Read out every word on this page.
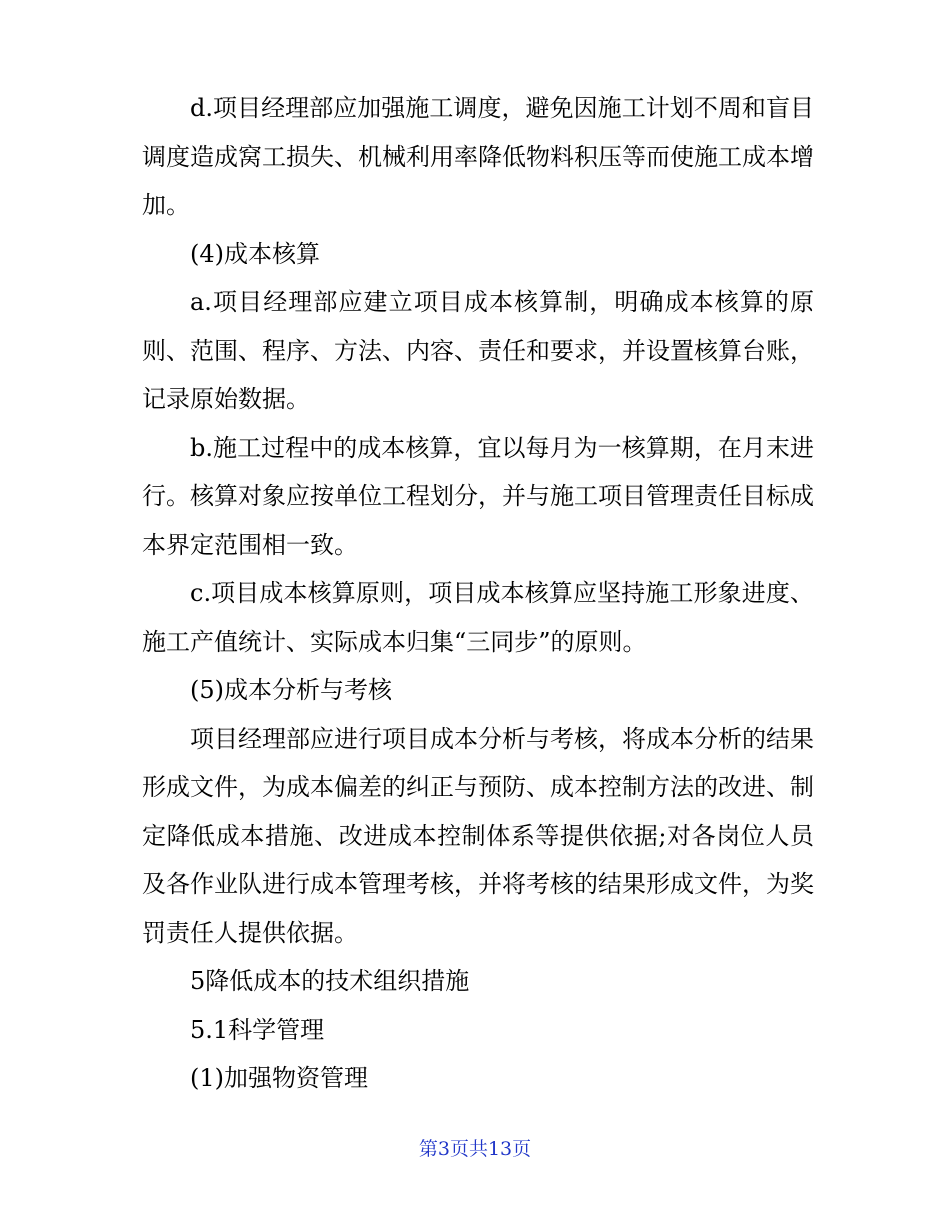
d.项目经理部应加强施工调度，避免因施工计划不周和盲目调度造成窝工损失、机械利用率降低物料积压等而使施工成本增加。

(4)成本核算

a.项目经理部应建立项目成本核算制，明确成本核算的原则、范围、程序、方法、内容、责任和要求，并设置核算台账，记录原始数据。

b.施工过程中的成本核算，宜以每月为一核算期，在月末进行。核算对象应按单位工程划分，并与施工项目管理责任目标成本界定范围相一致。

c.项目成本核算原则，项目成本核算应坚持施工形象进度、施工产值统计、实际成本归集“三同步”的原则。

(5)成本分析与考核

项目经理部应进行项目成本分析与考核，将成本分析的结果形成文件，为成本偏差的纠正与预防、成本控制方法的改进、制定降低成本措施、改进成本控制体系等提供依据;对各岗位人员及各作业队进行成本管理考核，并将考核的结果形成文件，为奖罚责任人提供依据。

5降低成本的技术组织措施

5.1科学管理

(1)加强物资管理

第3页共13页
